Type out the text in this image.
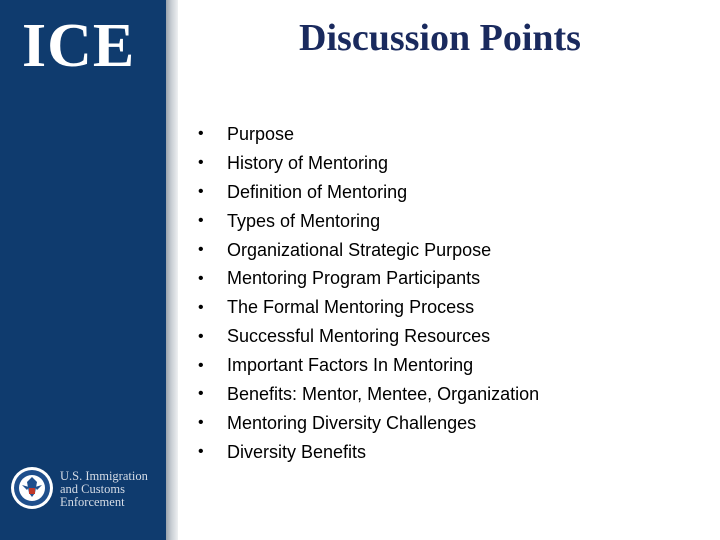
ICE
U.S. Immigration
and Customs
Enforcement
Discussion Points
•	Purpose
•	History of Mentoring
•	Definition of Mentoring
•	Types of Mentoring
•	Organizational Strategic Purpose
•	Mentoring Program Participants
•	The Formal Mentoring Process
•	Successful Mentoring Resources
•	Important Factors In Mentoring
•	Benefits: Mentor, Mentee, Organization
•	Mentoring Diversity Challenges
•	Diversity Benefits
